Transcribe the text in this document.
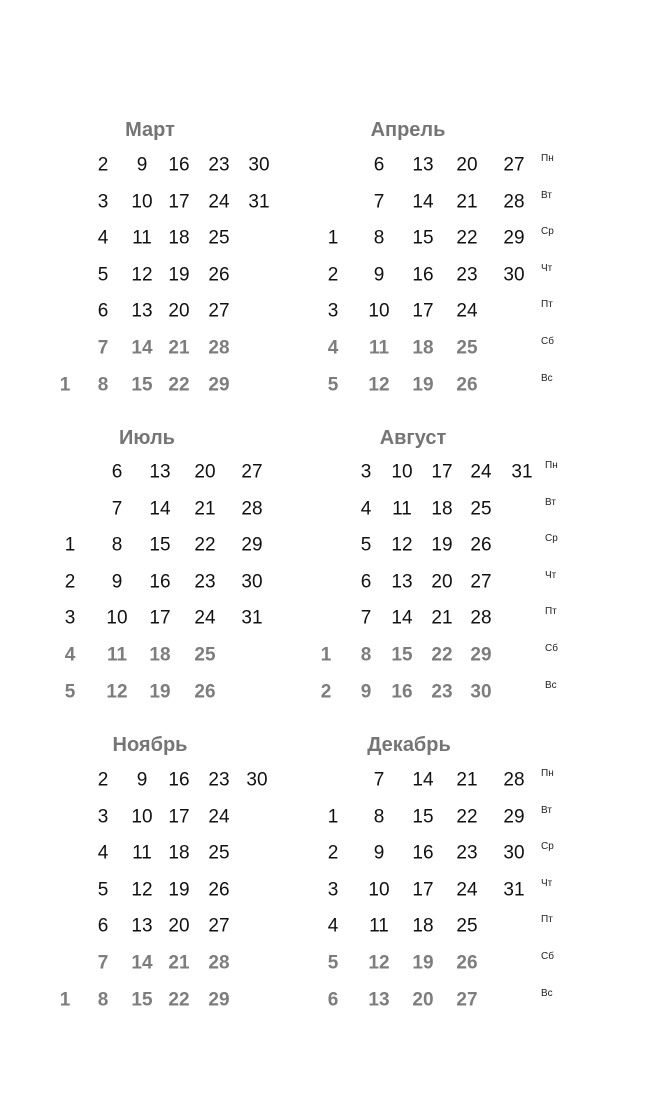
Март
1
2
3
4
5
6
7
8
9
10
11
12
13
14
15
16
17
18
19
20
21
22
23
24
25
26
27
28
29
30
31
Апрель
1
2
3
4
5
6
7
8
9
10
11
12
13
14
15
16
17
18
19
20
21
22
23
24
25
26
27
28
29
30
Пн
Вт
Ср
Чт
Пт
Сб
Вс
Июль
1
2
3
4
5
6
7
8
9
10
11
12
13
14
15
16
17
18
19
20
21
22
23
24
25
26
27
28
29
30
31
Август
1
2
3
4
5
6
7
8
9
10
11
12
13
14
15
16
17
18
19
20
21
22
23
24
25
26
27
28
29
30
31 Пн
Вт
Ср
Чт
Пт
Сб
Вс
Ноябрь
1
2
3
4
5
6
7
8
9
10
11
12
13
14
15
16
17
18
19
20
21
22
23
24
25
26
27
28
29
30
Декабрь
1
2
3
4
5
6
7
8
9
10
11
12
13
14
15
16
17
18
19
20
21
22
23
24
25
26
27
28
29
30
31
Пн
Вт
Ср
Чт
Пт
Сб
Вс
